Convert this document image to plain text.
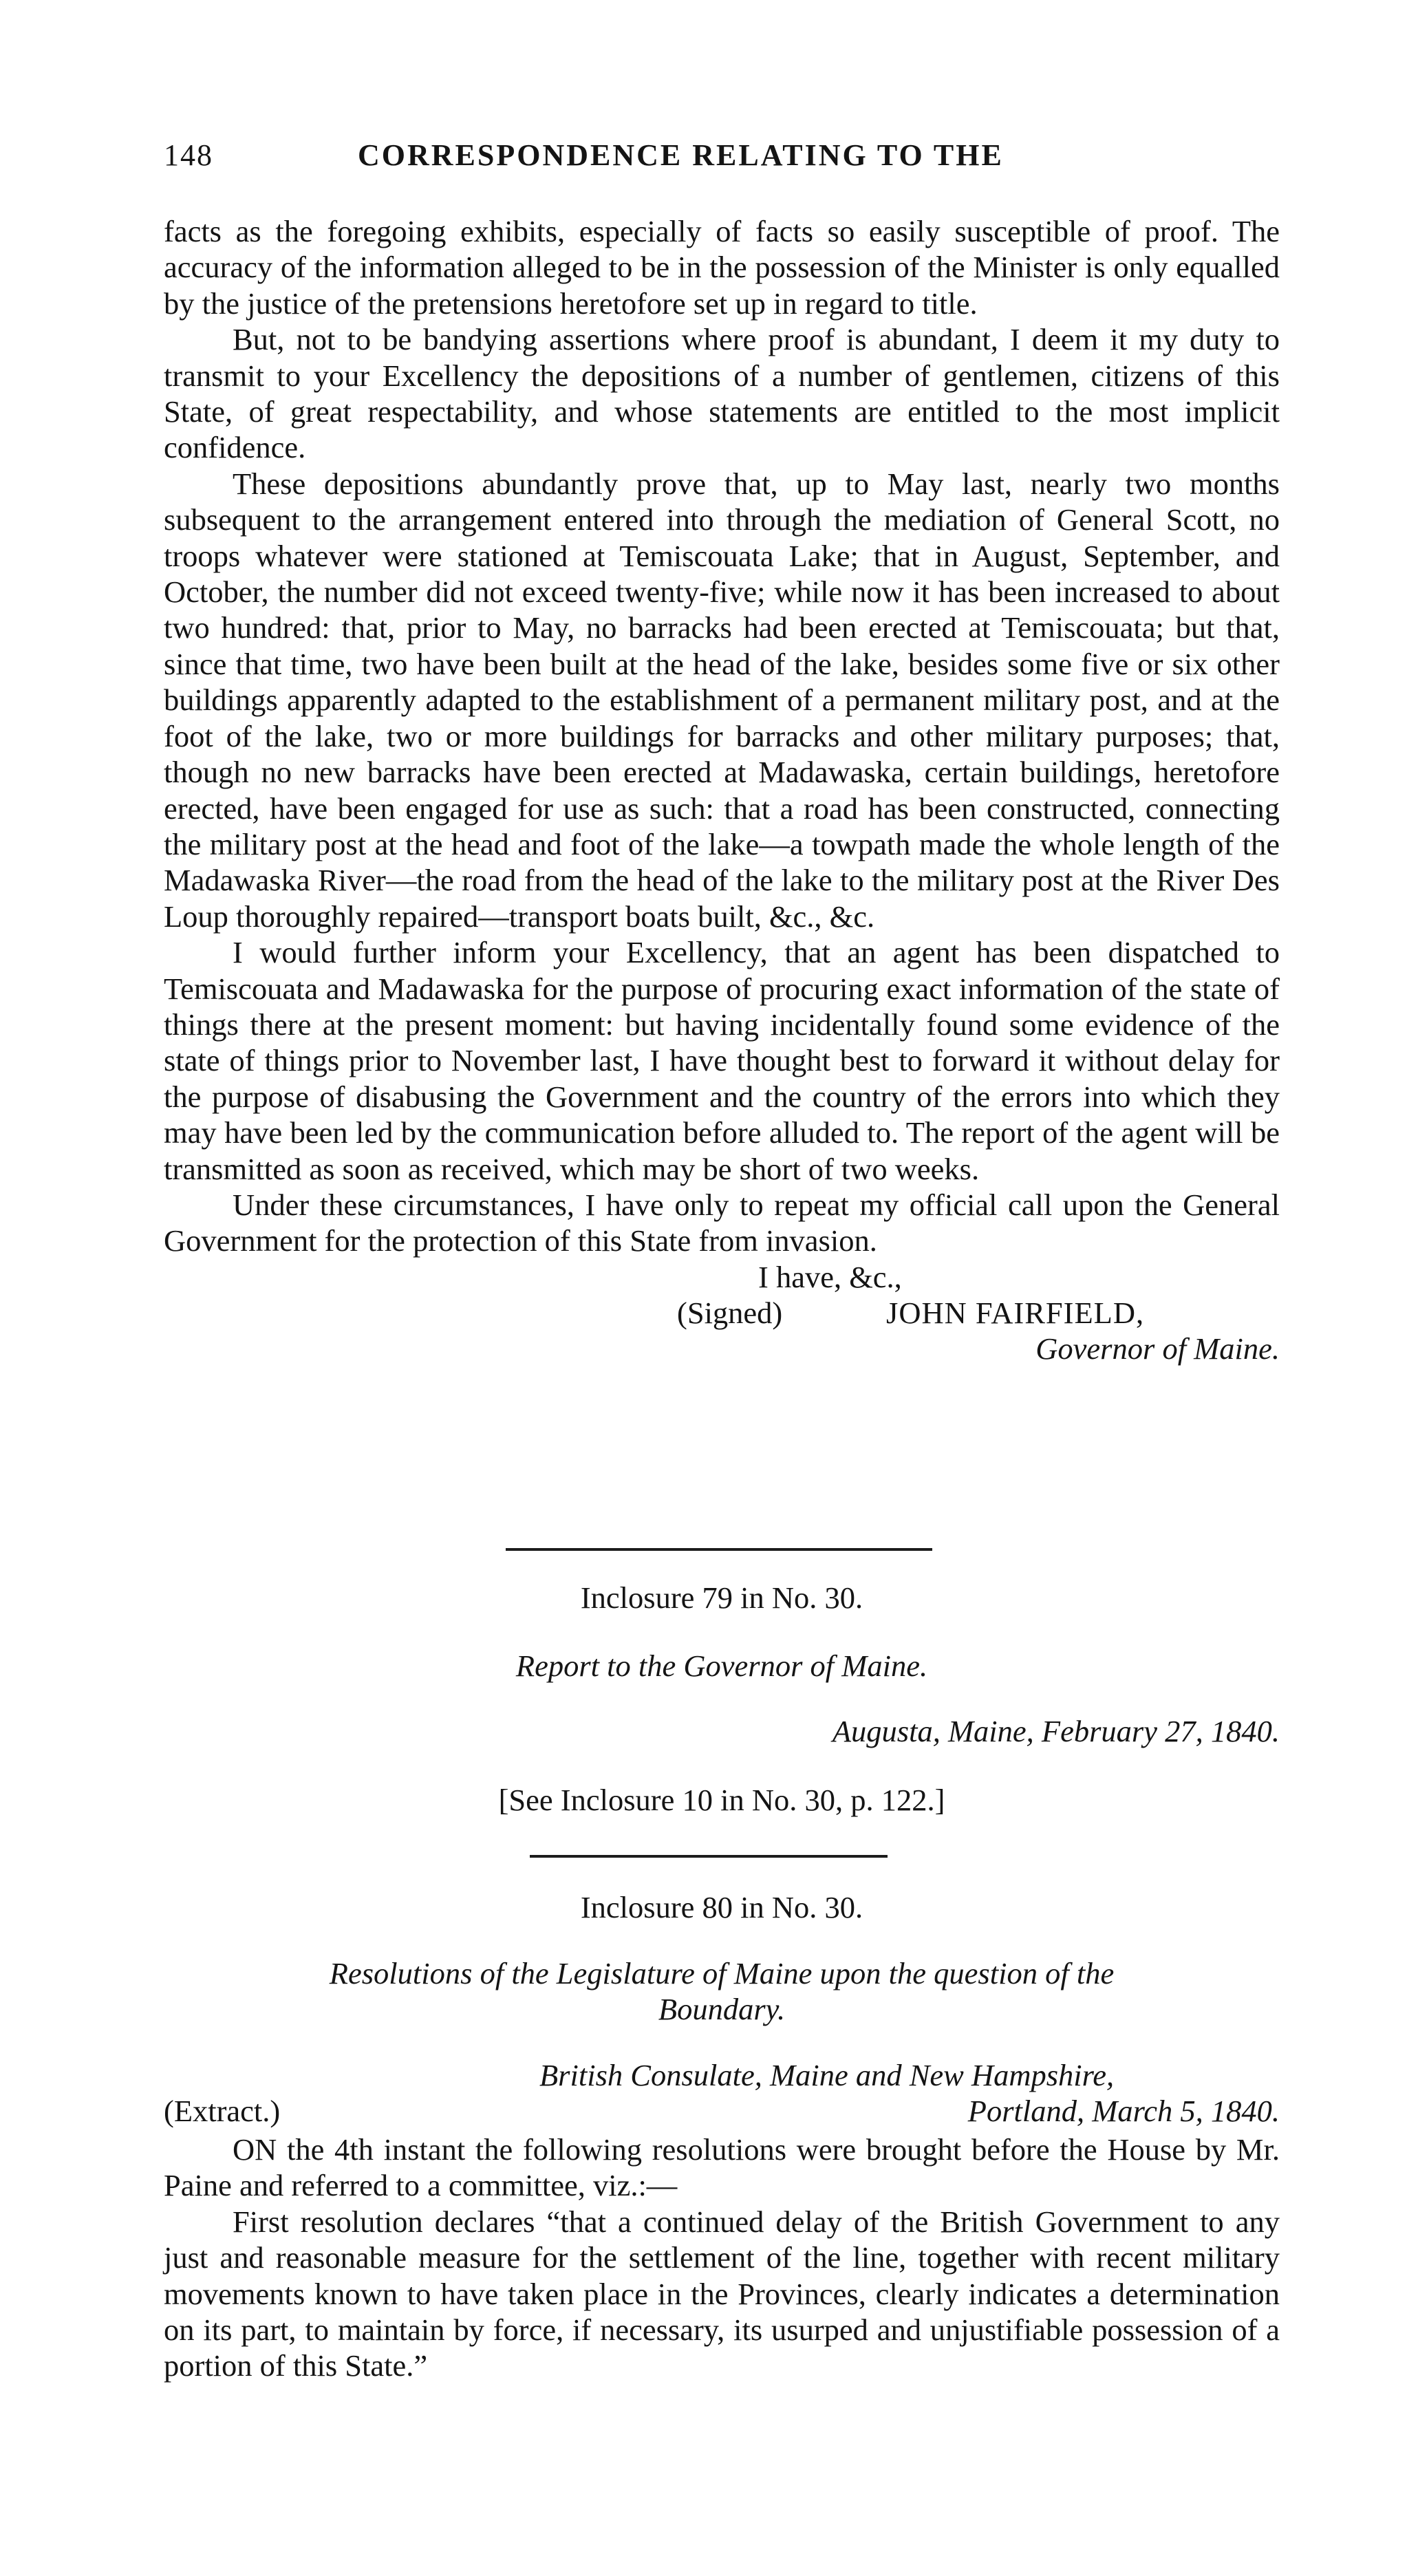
148	CORRESPONDENCE RELATING TO THE

facts as the foregoing exhibits, especially of facts so easily susceptible of proof. The accuracy of the information alleged to be in the possession of the Minister is only equalled by the justice of the pretensions heretofore set up in regard to title.

But, not to be bandying assertions where proof is abundant, I deem it my duty to transmit to your Excellency the depositions of a number of gentlemen, citizens of this State, of great respectability, and whose statements are entitled to the most implicit confidence.

These depositions abundantly prove that, up to May last, nearly two months subsequent to the arrangement entered into through the mediation of General Scott, no troops whatever were stationed at Temiscouata Lake; that in August, September, and October, the number did not exceed twenty-five; while now it has been increased to about two hundred: that, prior to May, no barracks had been erected at Temiscouata; but that, since that time, two have been built at the head of the lake, besides some five or six other buildings apparently adapted to the establishment of a permanent military post, and at the foot of the lake, two or more buildings for barracks and other military purposes; that, though no new barracks have been erected at Madawaska, certain buildings, heretofore erected, have been engaged for use as such: that a road has been constructed, connecting the military post at the head and foot of the lake—a towpath made the whole length of the Madawaska River—the road from the head of the lake to the military post at the River Des Loup thoroughly repaired—transport boats built, &c., &c.

I would further inform your Excellency, that an agent has been dispatched to Temiscouata and Madawaska for the purpose of procuring exact information of the state of things there at the present moment: but having incidentally found some evidence of the state of things prior to November last, I have thought best to forward it without delay for the purpose of disabusing the Government and the country of the errors into which they may have been led by the communication before alluded to. The report of the agent will be transmitted as soon as received, which may be short of two weeks.

Under these circumstances, I have only to repeat my official call upon the General Government for the protection of this State from invasion.

I have, &c.,
(Signed)	JOHN FAIRFIELD,
Governor of Maine.
Inclosure 79 in No. 30.
Report to the Governor of Maine.
Augusta, Maine, February 27, 1840.
[See Inclosure 10 in No. 30, p. 122.]
Inclosure 80 in No. 30.
Resolutions of the Legislature of Maine upon the question of the
Boundary.
British Consulate, Maine and New Hampshire,
(Extract.)	Portland, March 5, 1840.

ON the 4th instant the following resolutions were brought before the House by Mr. Paine and referred to a committee, viz.:—

First resolution declares “that a continued delay of the British Government to any just and reasonable measure for the settlement of the line, together with recent military movements known to have taken place in the Provinces, clearly indicates a determination on its part, to maintain by force, if necessary, its usurped and unjustifiable possession of a portion of this State.”
